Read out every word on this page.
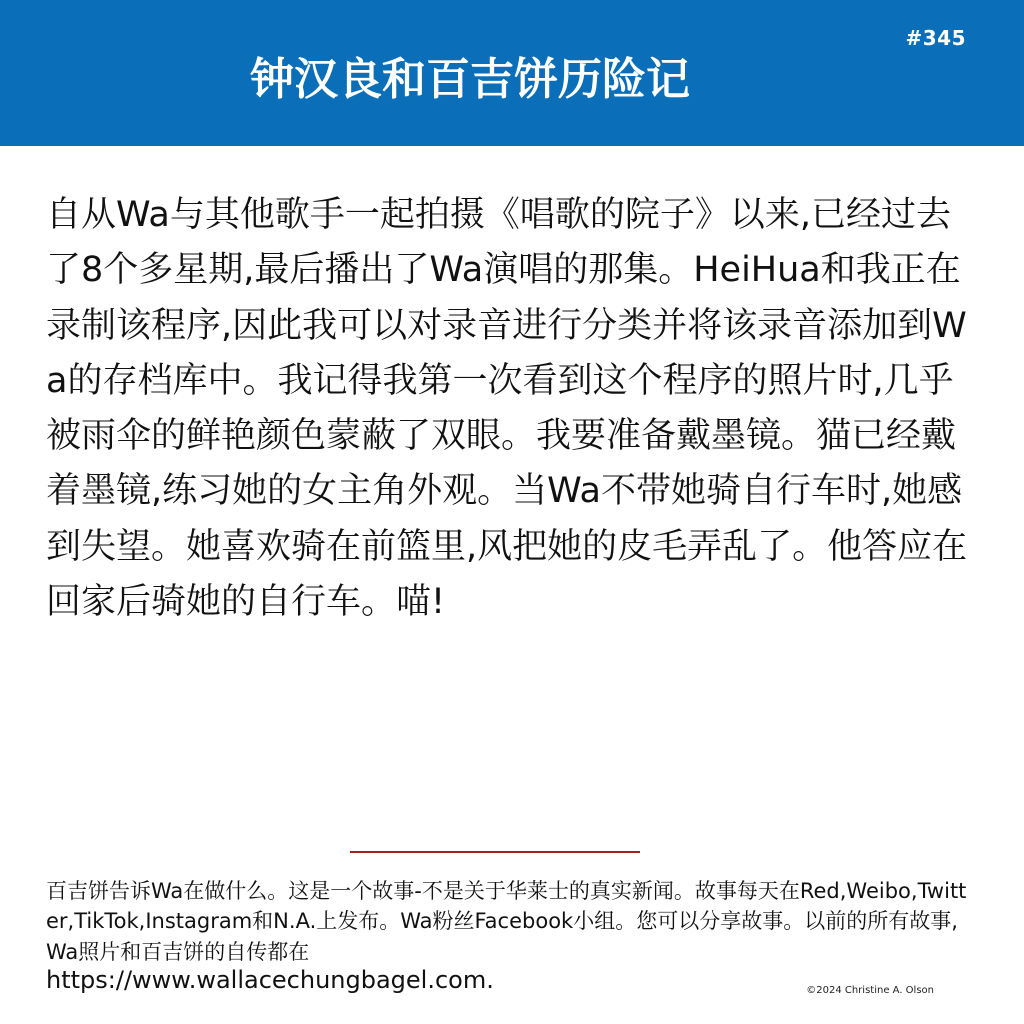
#345
钟汉良和百吉饼历险记
自从Wa与其他歌手一起拍摄《唱歌的院子》以来,已经过去了8个多星期,最后播出了Wa演唱的那集。HeiHua和我正在录制该程序,因此我可以对录音进行分类并将该录音添加到Wa的存档库中。我记得我第一次看到这个程序的照片时,几乎被雨伞的鲜艳颜色蒙蔽了双眼。我要准备戴墨镜。猫已经戴着墨镜,练习她的女主角外观。当Wa不带她骑自行车时,她感到失望。她喜欢骑在前篮里,风把她的皮毛弄乱了。他答应在回家后骑她的自行车。喵!
百吉饼告诉Wa在做什么。这是一个故事-不是关于华莱士的真实新闻。故事每天在Red,Weibo,Twitter,TikTok,Instagram和N.A.上发布。Wa粉丝Facebook小组。您可以分享故事。以前的所有故事,Wa照片和百吉饼的自传都在
https://www.wallacechungbagel.com.	©2024 Christine A. Olson
